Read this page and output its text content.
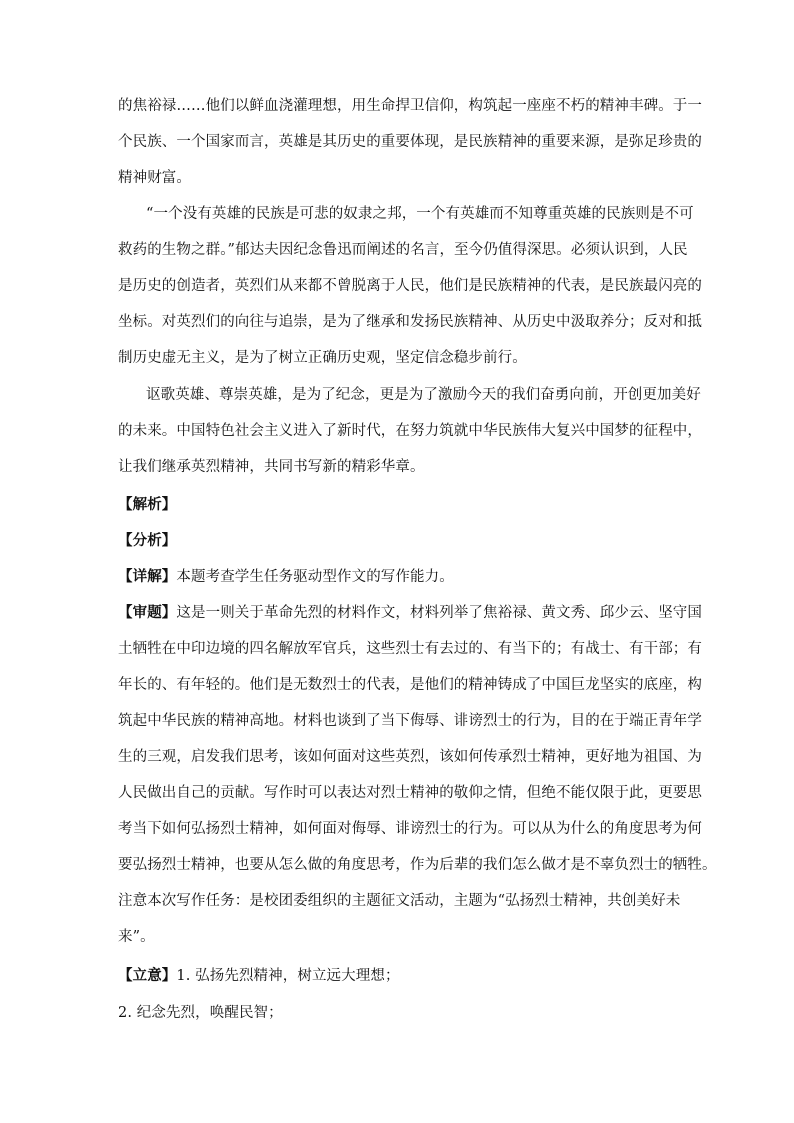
的焦裕禄……他们以鲜血浇灌理想，用生命捍卫信仰，构筑起一座座不朽的精神丰碑。于一
个民族、一个国家而言，英雄是其历史的重要体现，是民族精神的重要来源，是弥足珍贵的
精神财富。
“一个没有英雄的民族是可悲的奴隶之邦，一个有英雄而不知尊重英雄的民族则是不可
救药的生物之群。”郁达夫因纪念鲁迅而阐述的名言，至今仍值得深思。必须认识到，人民
是历史的创造者，英烈们从来都不曾脱离于人民，他们是民族精神的代表，是民族最闪亮的
坐标。对英烈们的向往与追崇，是为了继承和发扬民族精神、从历史中汲取养分；反对和抵
制历史虚无主义，是为了树立正确历史观，坚定信念稳步前行。
讴歌英雄、尊崇英雄，是为了纪念，更是为了激励今天的我们奋勇向前，开创更加美好
的未来。中国特色社会主义进入了新时代，在努力筑就中华民族伟大复兴中国梦的征程中，
让我们继承英烈精神，共同书写新的精彩华章。
【解析】
【分析】
【详解】本题考查学生任务驱动型作文的写作能力。
【审题】这是一则关于革命先烈的材料作文，材料列举了焦裕禄、黄文秀、邱少云、坚守国
土牺牲在中印边境的四名解放军官兵，这些烈士有去过的、有当下的；有战士、有干部；有
年长的、有年轻的。他们是无数烈士的代表，是他们的精神铸成了中国巨龙坚实的底座，构
筑起中华民族的精神高地。材料也谈到了当下侮辱、诽谤烈士的行为，目的在于端正青年学
生的三观，启发我们思考，该如何面对这些英烈，该如何传承烈士精神，更好地为祖国、为
人民做出自己的贡献。写作时可以表达对烈士精神的敬仰之情，但绝不能仅限于此，更要思
考当下如何弘扬烈士精神，如何面对侮辱、诽谤烈士的行为。可以从为什么的角度思考为何
要弘扬烈士精神，也要从怎么做的角度思考，作为后辈的我们怎么做才是不辜负烈士的牺牲。
注意本次写作任务：是校团委组织的主题征文活动，主题为“弘扬烈士精神，共创美好未
来”。
【立意】1. 弘扬先烈精神，树立远大理想；
2. 纪念先烈，唤醒民智；
